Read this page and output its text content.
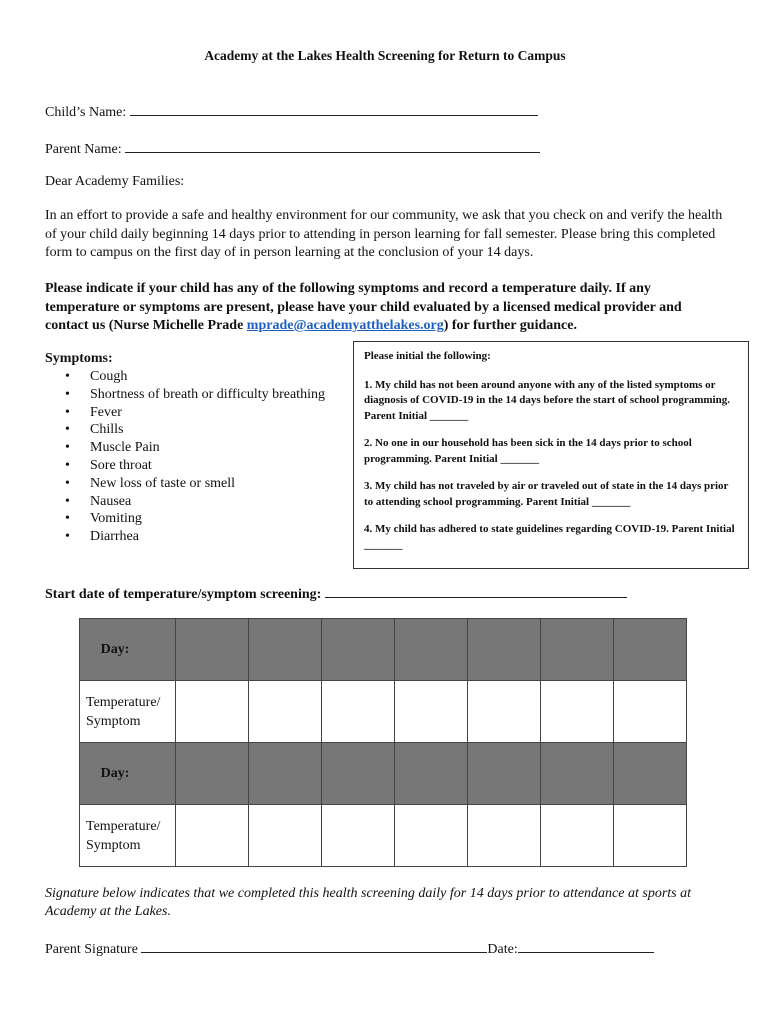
Academy at the Lakes Health Screening for Return to Campus
Child’s Name:
Parent Name:
Dear Academy Families:
In an effort to provide a safe and healthy environment for our community, we ask that you check on and verify the health of your child daily beginning 14 days prior to attending in person learning for fall semester. Please bring this completed form to campus on the first day of in person learning at the conclusion of your 14 days.
Please indicate if your child has any of the following symptoms and record a temperature daily. If any temperature or symptoms are present, please have your child evaluated by a licensed medical provider and contact us (Nurse Michelle Prade mprade@academyatthelakes.org) for further guidance.
Symptoms:
• Cough
• Shortness of breath or difficulty breathing
• Fever
• Chills
• Muscle Pain
• Sore throat
• New loss of taste or smell
• Nausea
• Vomiting
• Diarrhea

Please initial the following:

1. My child has not been around anyone with any of the listed symptoms or diagnosis of COVID-19 in the 14 days before the start of school programming. Parent Initial _______

2. No one in our household has been sick in the 14 days prior to school programming. Parent Initial _______

3. My child has not traveled by air or traveled out of state in the 14 days prior to attending school programming. Parent Initial _______

4. My child has adhered to state guidelines regarding COVID-19. Parent Initial _______

Start date of temperature/symptom screening:
Day:							
Temperature/
Symptom							
Day:							
Temperature/
Symptom							
Signature below indicates that we completed this health screening daily for 14 days prior to attendance at sports at Academy at the Lakes.
Parent Signature	Date:
